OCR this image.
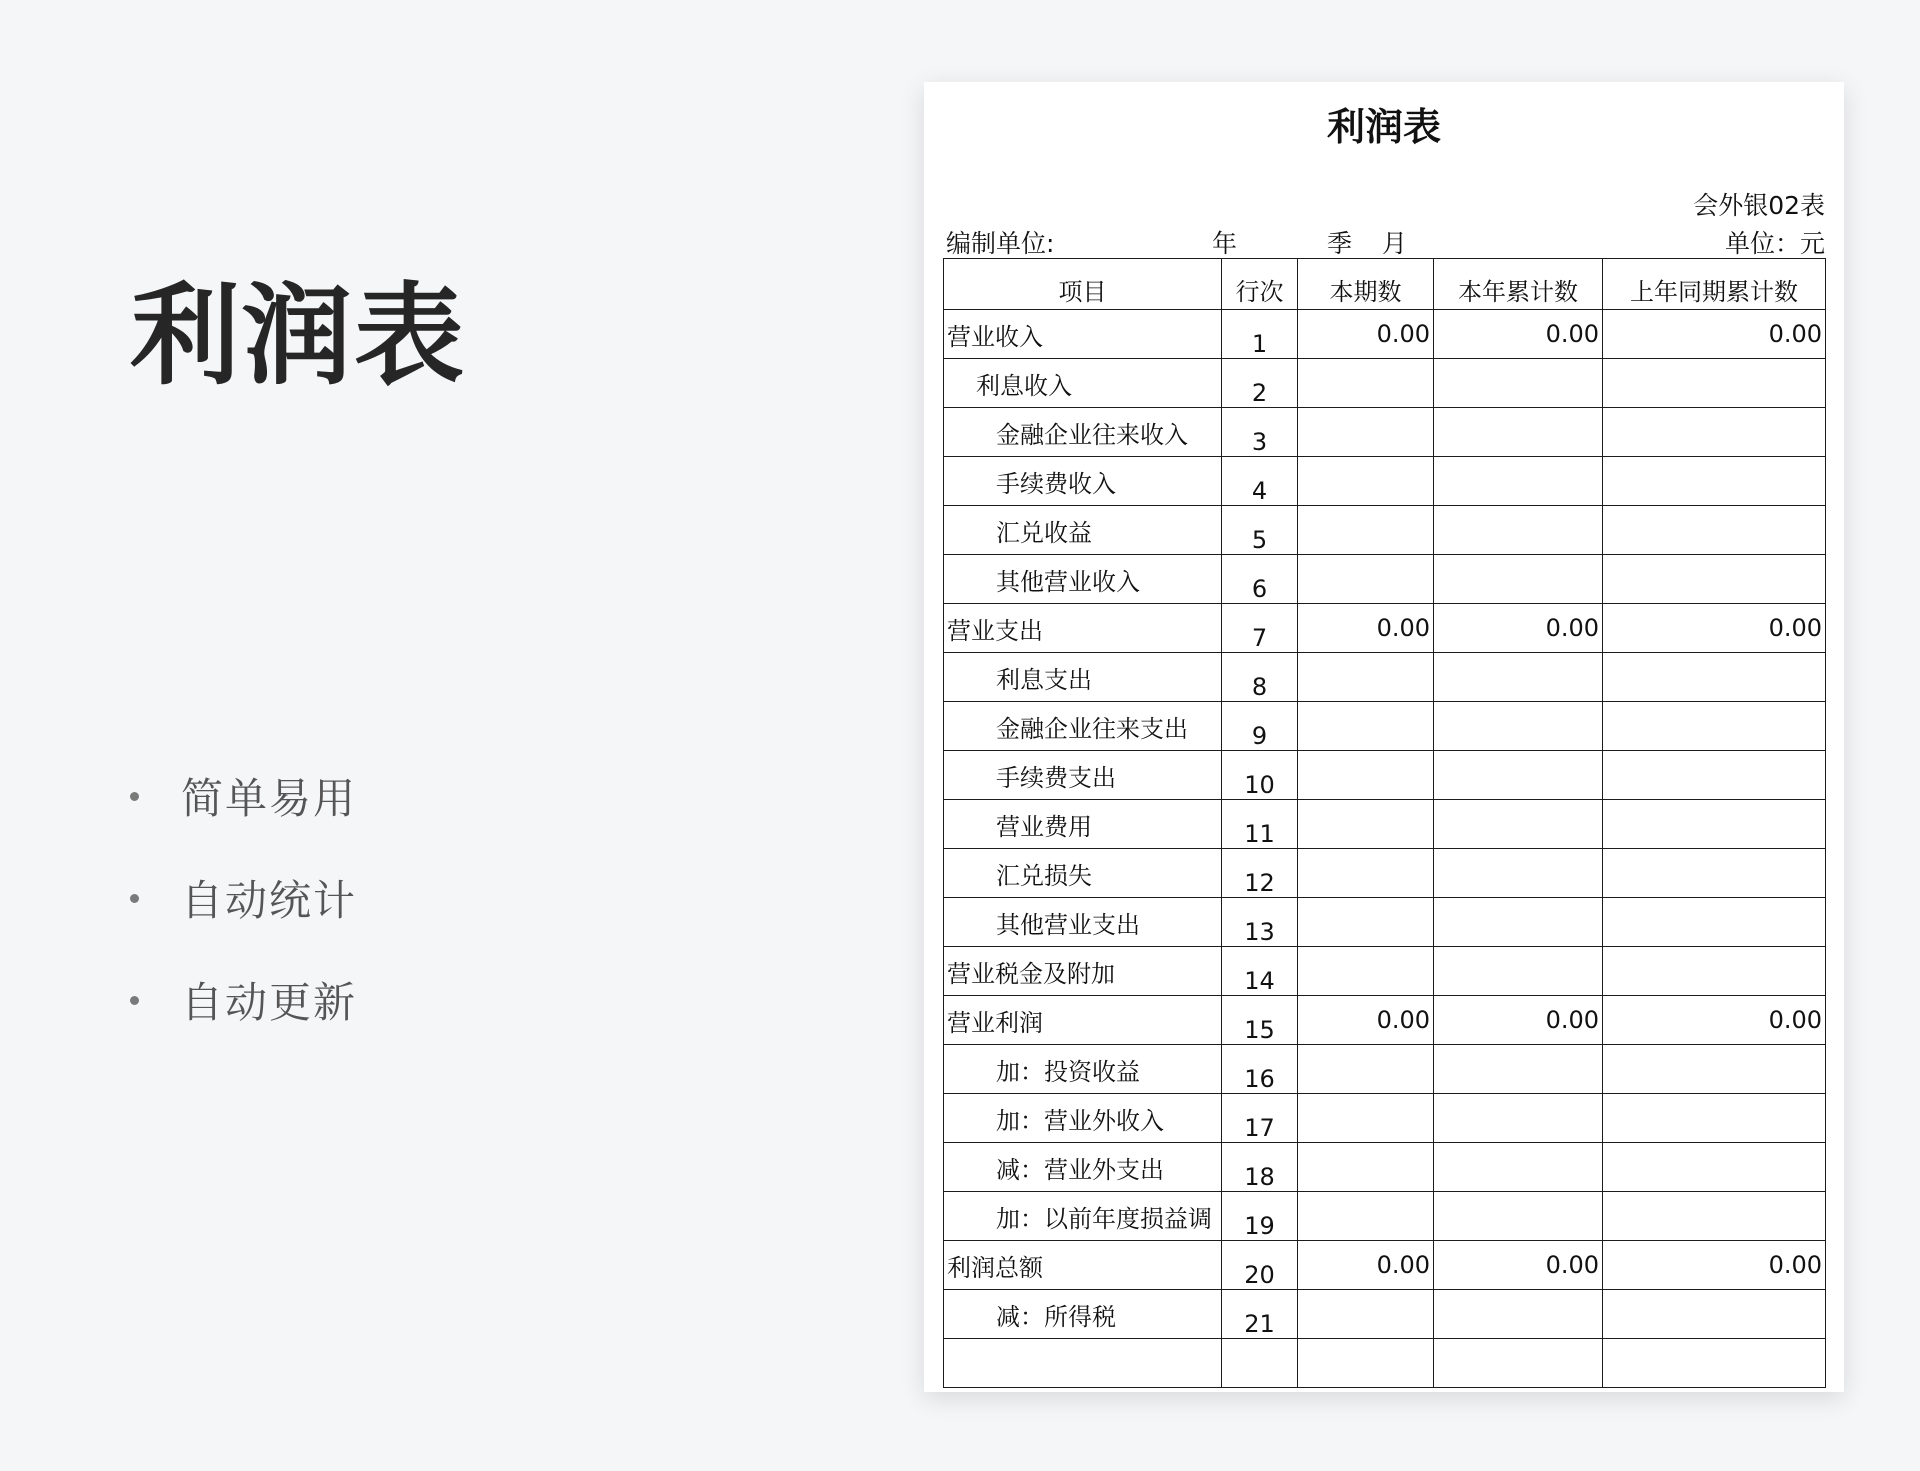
利润表
简单易用
自动统计
自动更新
利润表
会外银02表
编制单位:	年	季 月	单位：元
项目	行次	本期数	本年累计数	上年同期累计数
营业收入	1	0.00	0.00	0.00
利息收入	2			
金融企业往来收入	3			
手续费收入	4			
汇兑收益	5			
其他营业收入	6			
营业支出	7	0.00	0.00	0.00
利息支出	8			
金融企业往来支出	9			
手续费支出	10			
营业费用	11			
汇兑损失	12			
其他营业支出	13			
营业税金及附加	14			
营业利润	15	0.00	0.00	0.00
加：投资收益	16			
加：营业外收入	17			
减：营业外支出	18			
加：以前年度损益调	19			
利润总额	20	0.00	0.00	0.00
减：所得税	21			
